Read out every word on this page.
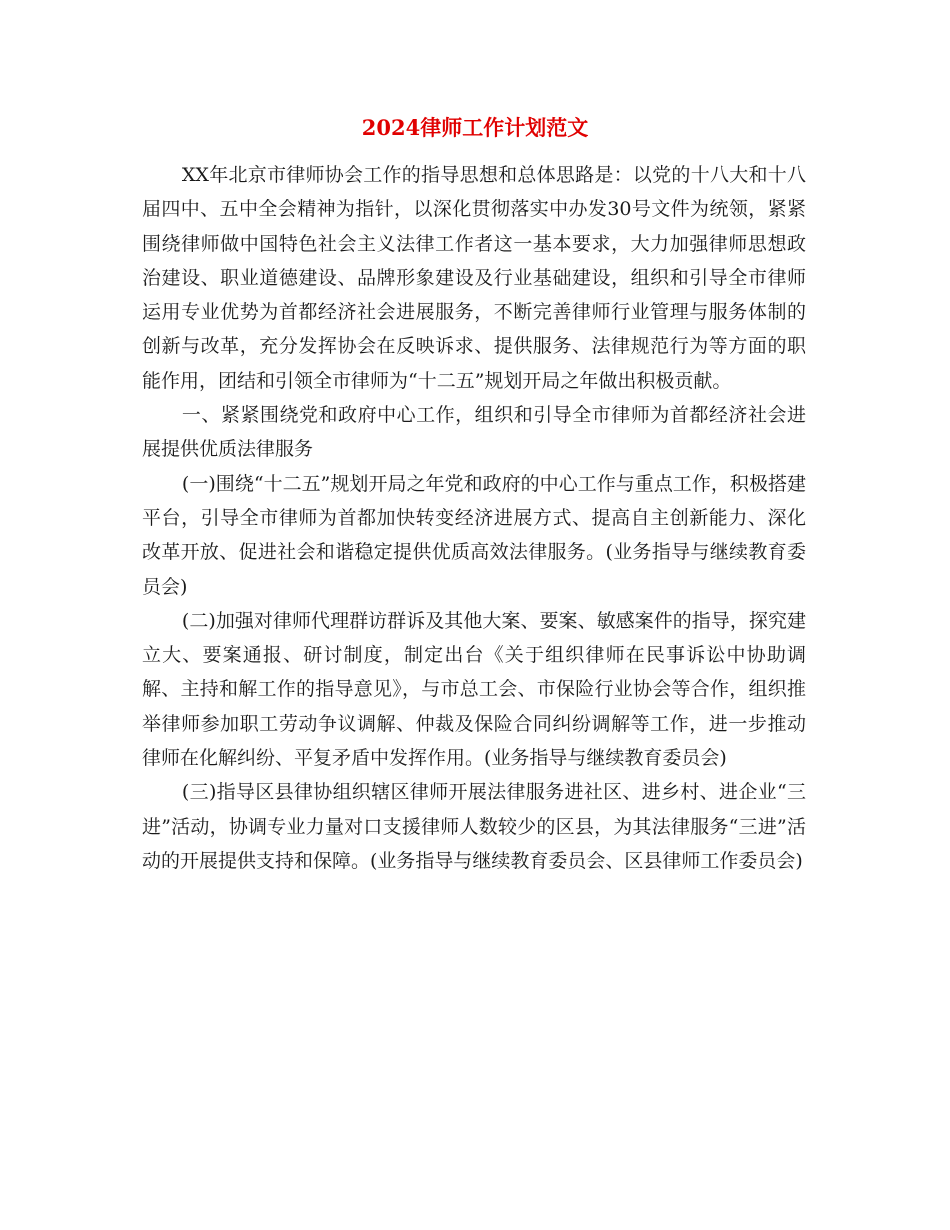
2024律师工作计划范文

XX年北京市律师协会工作的指导思想和总体思路是：以党的十八大和十八届四中、五中全会精神为指针，以深化贯彻落实中办发30号文件为统领，紧紧围绕律师做中国特色社会主义法律工作者这一基本要求，大力加强律师思想政治建设、职业道德建设、品牌形象建设及行业基础建设，组织和引导全市律师运用专业优势为首都经济社会进展服务，不断完善律师行业管理与服务体制的创新与改革，充分发挥协会在反映诉求、提供服务、法律规范行为等方面的职能作用，团结和引领全市律师为“十二五”规划开局之年做出积极贡献。

一、紧紧围绕党和政府中心工作，组织和引导全市律师为首都经济社会进展提供优质法律服务

(一)围绕“十二五”规划开局之年党和政府的中心工作与重点工作，积极搭建平台，引导全市律师为首都加快转变经济进展方式、提高自主创新能力、深化改革开放、促进社会和谐稳定提供优质高效法律服务。(业务指导与继续教育委员会)

(二)加强对律师代理群访群诉及其他大案、要案、敏感案件的指导，探究建立大、要案通报、研讨制度，制定出台《关于组织律师在民事诉讼中协助调解、主持和解工作的指导意见》，与市总工会、市保险行业协会等合作，组织推举律师参加职工劳动争议调解、仲裁及保险合同纠纷调解等工作，进一步推动律师在化解纠纷、平复矛盾中发挥作用。(业务指导与继续教育委员会)

(三)指导区县律协组织辖区律师开展法律服务进社区、进乡村、进企业“三进”活动，协调专业力量对口支援律师人数较少的区县，为其法律服务“三进”活动的开展提供支持和保障。(业务指导与继续教育委员会、区县律师工作委员会)
